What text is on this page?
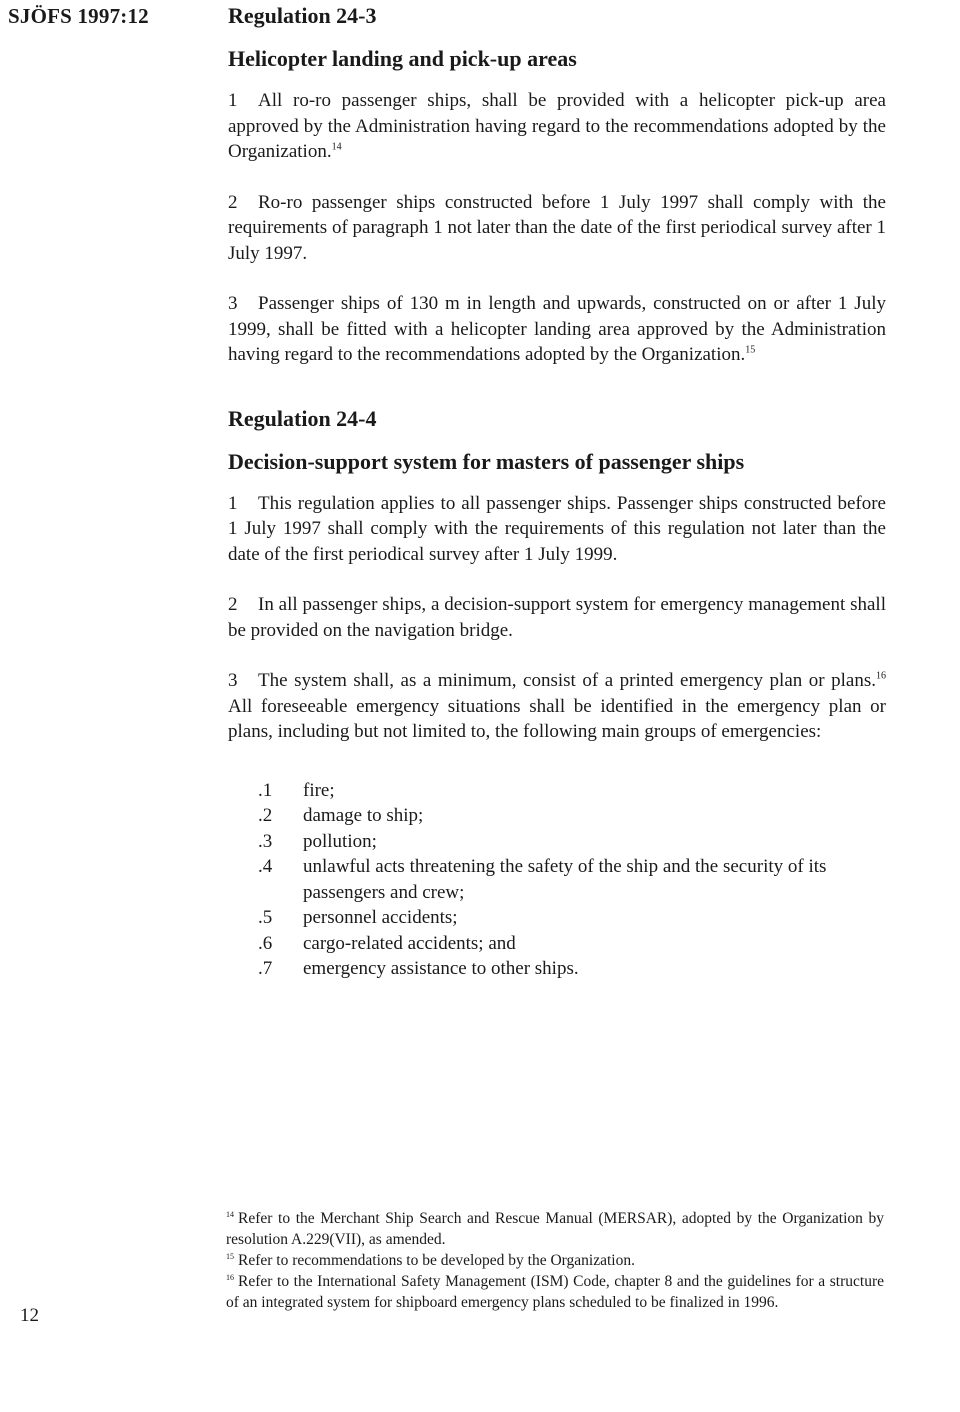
SJÖFS 1997:12	Regulation 24-3
Helicopter landing and pick-up areas

1 All ro-ro passenger ships, shall be provided with a helicopter pick-up area approved by the Administration having regard to the recommendations adopted by the Organization.$^{14}$

2 Ro-ro passenger ships constructed before 1 July 1997 shall comply with the requirements of paragraph 1 not later than the date of the first periodical survey after 1 July 1997.

3 Passenger ships of 130 m in length and upwards, constructed on or after 1 July 1999, shall be fitted with a helicopter landing area approved by the Administration having regard to the recommendations adopted by the Organization.$^{15}$

Regulation 24-4
Decision-support system for masters of passenger ships

1 This regulation applies to all passenger ships. Passenger ships constructed before 1 July 1997 shall comply with the requirements of this regulation not later than the date of the first periodical survey after 1 July 1999.

2 In all passenger ships, a decision-support system for emergency management shall be provided on the navigation bridge.

3 The system shall, as a minimum, consist of a printed emergency plan or plans.$^{16}$ All foreseeable emergency situations shall be identified in the emergency plan or plans, including but not limited to, the following main groups of emergencies:

.1	fire;
.2	damage to ship;
.3	pollution;
.4	unlawful acts threatening the safety of the ship and the security of its passengers and crew;
.5	personnel accidents;
.6	cargo-related accidents; and
.7	emergency assistance to other ships.

$^{14}$ Refer to the Merchant Ship Search and Rescue Manual (MERSAR), adopted by the Organization by resolution A.229(VII), as amended.

$^{15}$ Refer to recommendations to be developed by the Organization.

$^{16}$ Refer to the International Safety Management (ISM) Code, chapter 8 and the guidelines for a structure of an integrated system for shipboard emergency plans scheduled to be finalized in 1996.

12
